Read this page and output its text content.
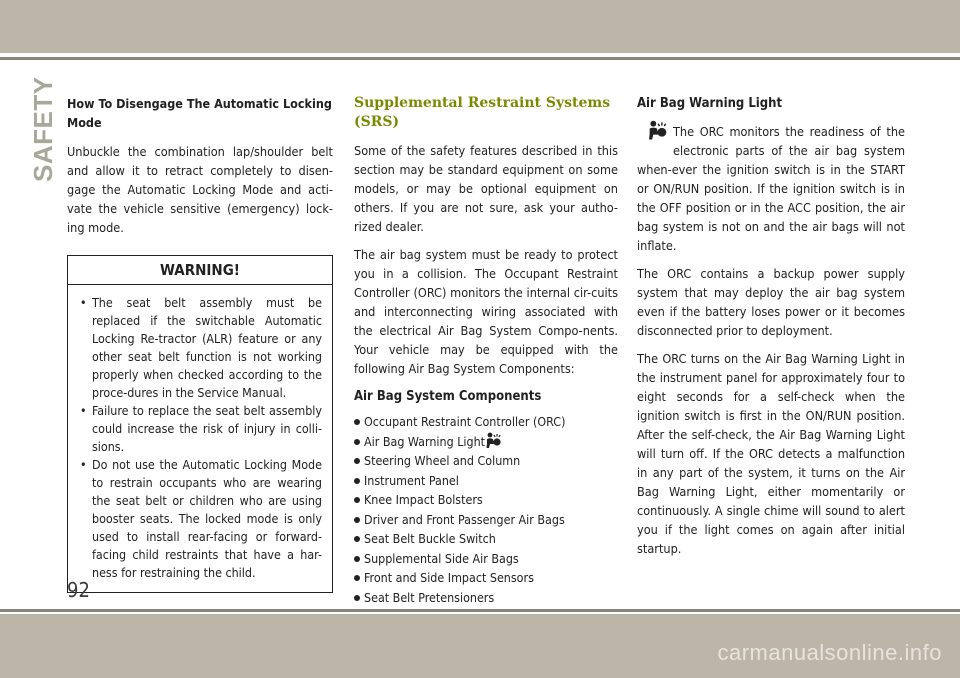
SAFETY How To Disengage The Automatic Locking Mode

Unbuckle the combination lap/shoulder belt and allow it to retract completely to disen-gage the Automatic Locking Mode and acti-vate the vehicle sensitive (emergency) lock-ing mode.

WARNING!
• The seat belt assembly must be replaced if the switchable Automatic Locking Re-tractor (ALR) feature or any other seat belt function is not working properly when checked according to the proce-dures in the Service Manual.
• Failure to replace the seat belt assembly could increase the risk of injury in colli-sions.
• Do not use the Automatic Locking Mode to restrain occupants who are wearing the seat belt or children who are using booster seats. The locked mode is only used to install rear-facing or forward-facing child restraints that have a har-ness for restraining the child.
Supplemental Restraint Systems (SRS)

Some of the safety features described in this section may be standard equipment on some models, or may be optional equipment on others. If you are not sure, ask your autho-rized dealer.

The air bag system must be ready to protect you in a collision. The Occupant Restraint Controller (ORC) monitors the internal cir-cuits and interconnecting wiring associated with the electrical Air Bag System Compo-nents. Your vehicle may be equipped with the following Air Bag System Components:

Air Bag System Components
Occupant Restraint Controller (ORC)
Air Bag Warning Light
Steering Wheel and Column
Instrument Panel
Knee Impact Bolsters
Driver and Front Passenger Air Bags
Seat Belt Buckle Switch
Supplemental Side Air Bags
Front and Side Impact Sensors
Seat Belt Pretensioners
Air Bag Warning Light

The ORC monitors the readiness of the electronic parts of the air bag system when-ever the ignition switch is in the START or ON/RUN position. If the ignition switch is in the OFF position or in the ACC position, the air bag system is not on and the air bags will not inflate.

The ORC contains a backup power supply system that may deploy the air bag system even if the battery loses power or it becomes disconnected prior to deployment.

The ORC turns on the Air Bag Warning Light in the instrument panel for approximately four to eight seconds for a self-check when the ignition switch is first in the ON/RUN position. After the self-check, the Air Bag Warning Light will turn off. If the ORC detects a malfunction in any part of the system, it turns on the Air Bag Warning Light, either momentarily or continuously. A single chime will sound to alert you if the light comes on again after initial startup.

92
carmanualsonline.info
